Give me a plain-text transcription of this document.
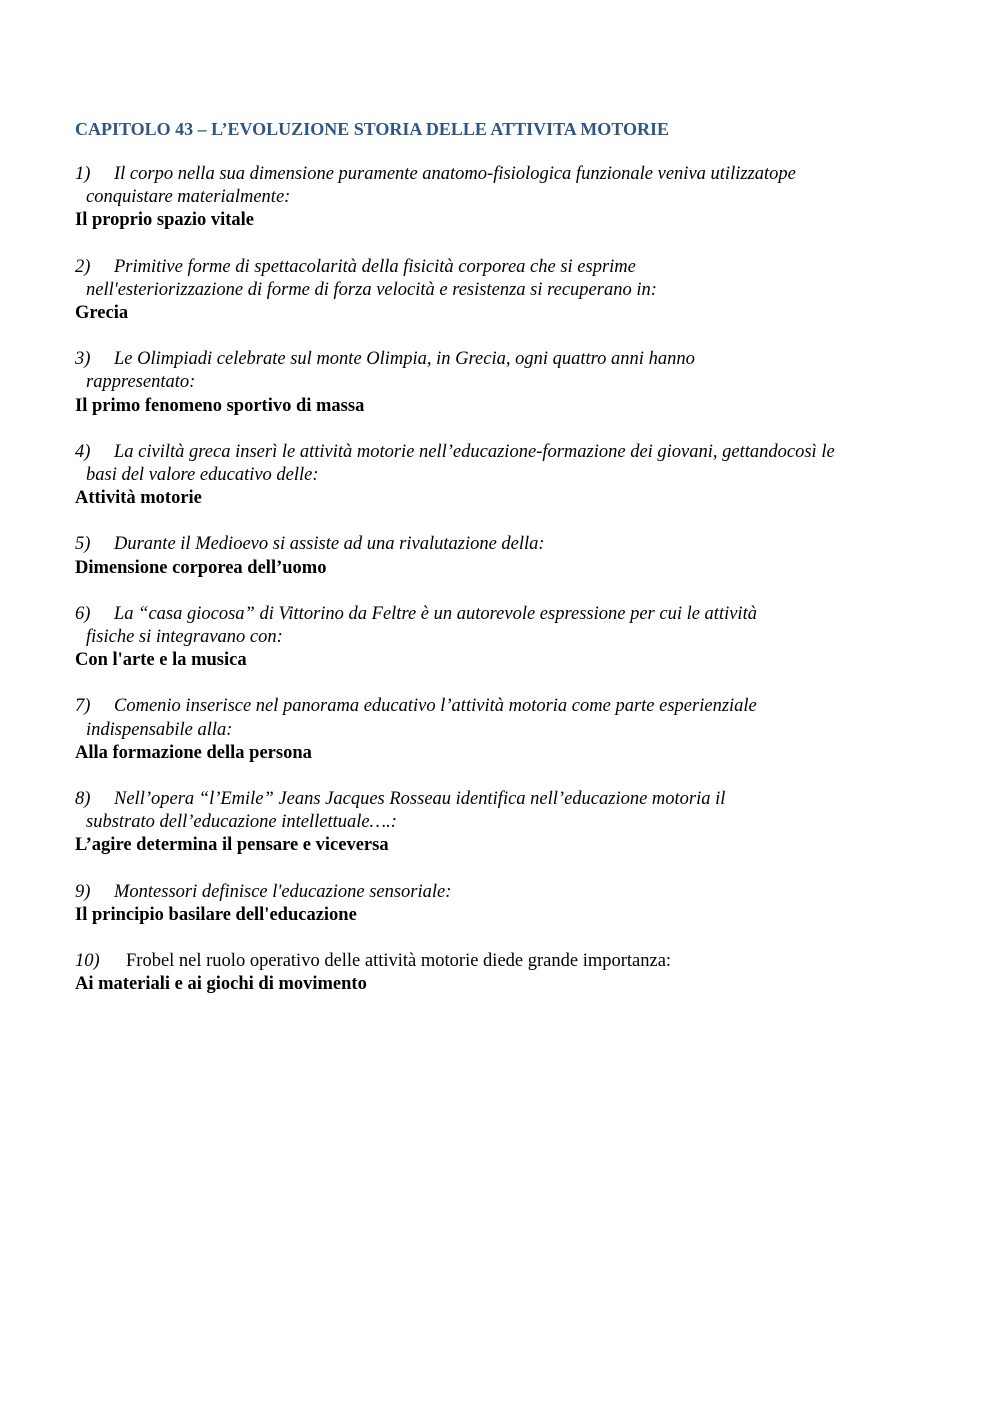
CAPITOLO 43 – L’EVOLUZIONE STORIA DELLE ATTIVITA MOTORIE
1)	Il corpo nella sua dimensione puramente anatomo-fisiologica funzionale veniva utilizzatope
conquistare materialmente:
Il proprio spazio vitale
2)	Primitive forme di spettacolarità della fisicità corporea che si esprime
nell'esteriorizzazione di forme di forza velocità e resistenza si recuperano in:
Grecia
3)	Le Olimpiadi celebrate sul monte Olimpia, in Grecia, ogni quattro anni hanno
rappresentato:
Il primo fenomeno sportivo di massa
4)	La civiltà greca inserì le attività motorie nell’educazione-formazione dei giovani, gettandocosì le
basi del valore educativo delle:
Attività motorie
5)	Durante il Medioevo si assiste ad una rivalutazione della:
Dimensione corporea dell’uomo
6)	La “casa giocosa” di Vittorino da Feltre è un autorevole espressione per cui le attività
fisiche si integravano con:
Con l'arte e la musica
7)	Comenio inserisce nel panorama educativo l’attività motoria come parte esperienziale
indispensabile alla:
Alla formazione della persona
8)	Nell’opera “l’Emile” Jeans Jacques Rosseau identifica nell’educazione motoria il
substrato dell’educazione intellettuale….:
L’agire determina il pensare e viceversa
9)	Montessori definisce l'educazione sensoriale:
Il principio basilare dell'educazione
10)	Frobel nel ruolo operativo delle attività motorie diede grande importanza:
Ai materiali e ai giochi di movimento
